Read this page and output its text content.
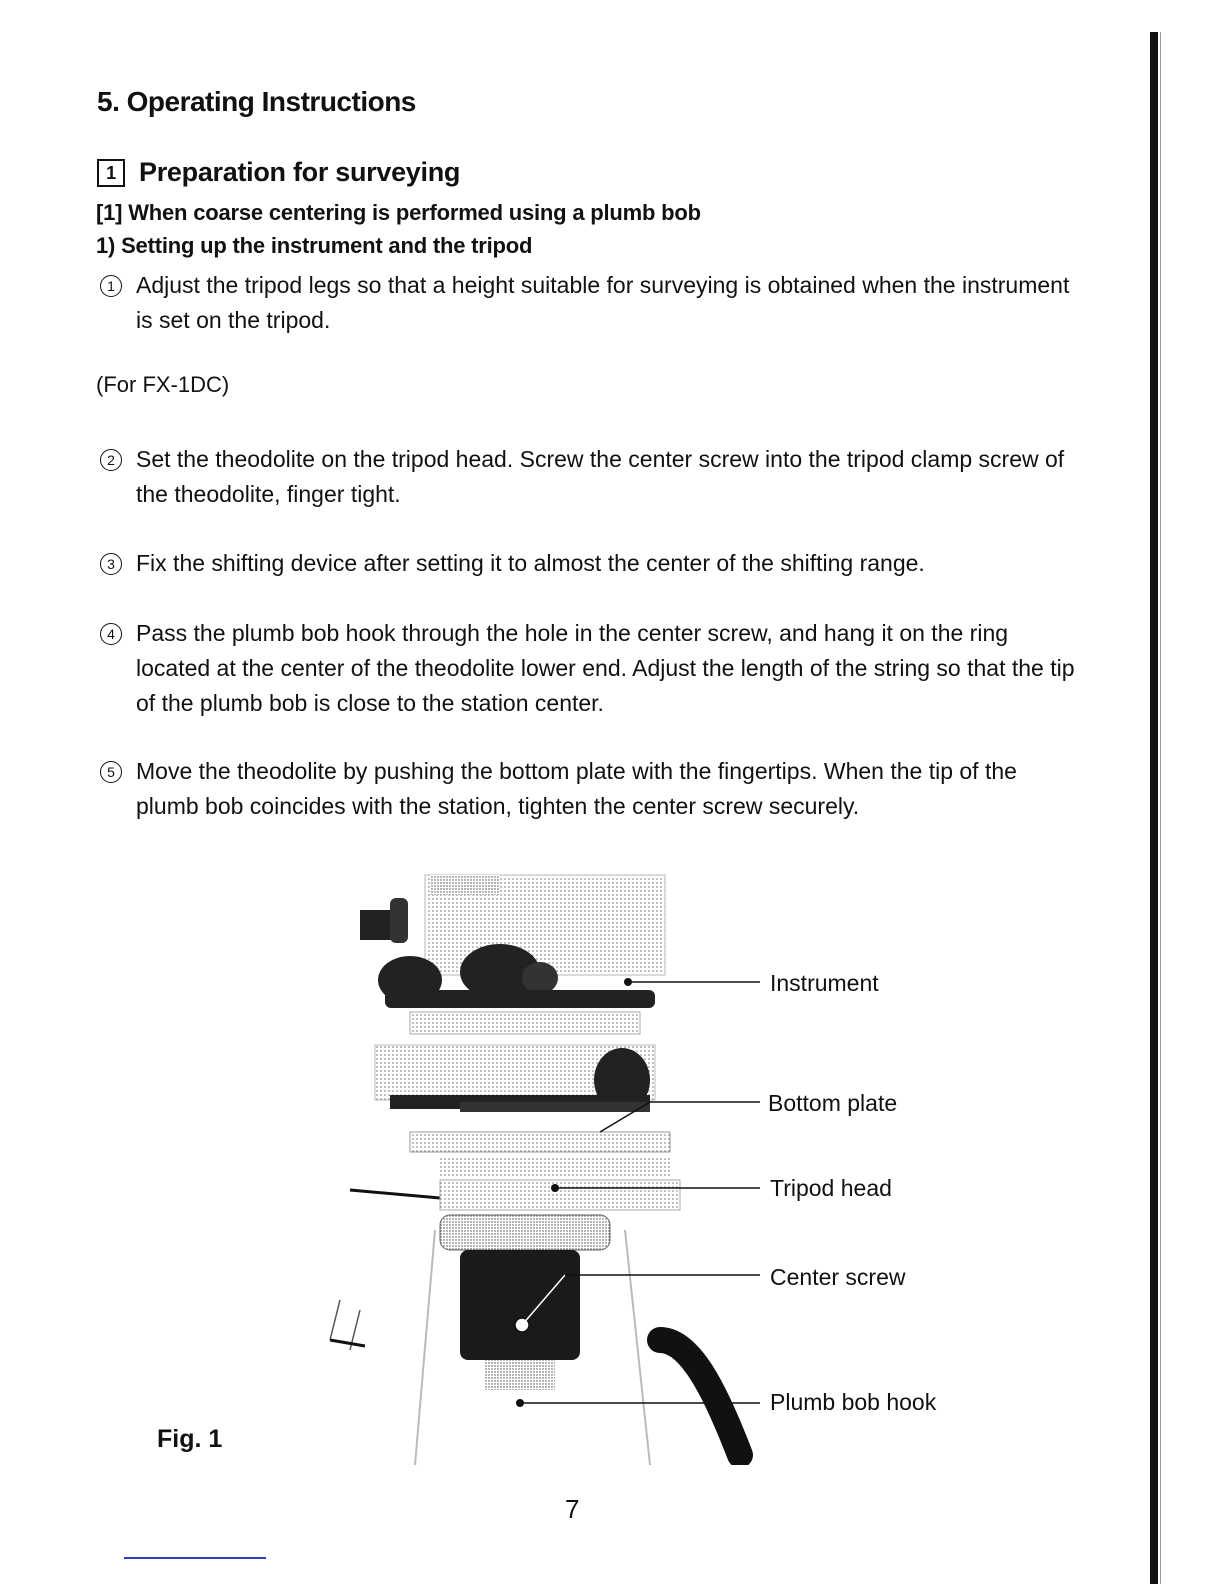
5. Operating Instructions
1 Preparation for surveying
[1] When coarse centering is performed using a plumb bob
1) Setting up the instrument and the tripod
1 Adjust the tripod legs so that a height suitable for surveying is obtained when the instrument is set on the tripod.
(For FX-1DC)
2 Set the theodolite on the tripod head. Screw the center screw into the tripod clamp screw of the theodolite, finger tight.
3 Fix the shifting device after setting it to almost the center of the shifting range.
4 Pass the plumb bob hook through the hole in the center screw, and hang it on the ring located at the center of the theodolite lower end. Adjust the length of the string so that the tip of the plumb bob is close to the station center.
5 Move the theodolite by pushing the bottom plate with the fingertips. When the tip of the plumb bob coincides with the station, tighten the center screw securely.
Instrument
Bottom plate
Tripod head
Center screw
Plumb bob hook
Fig. 1
7
